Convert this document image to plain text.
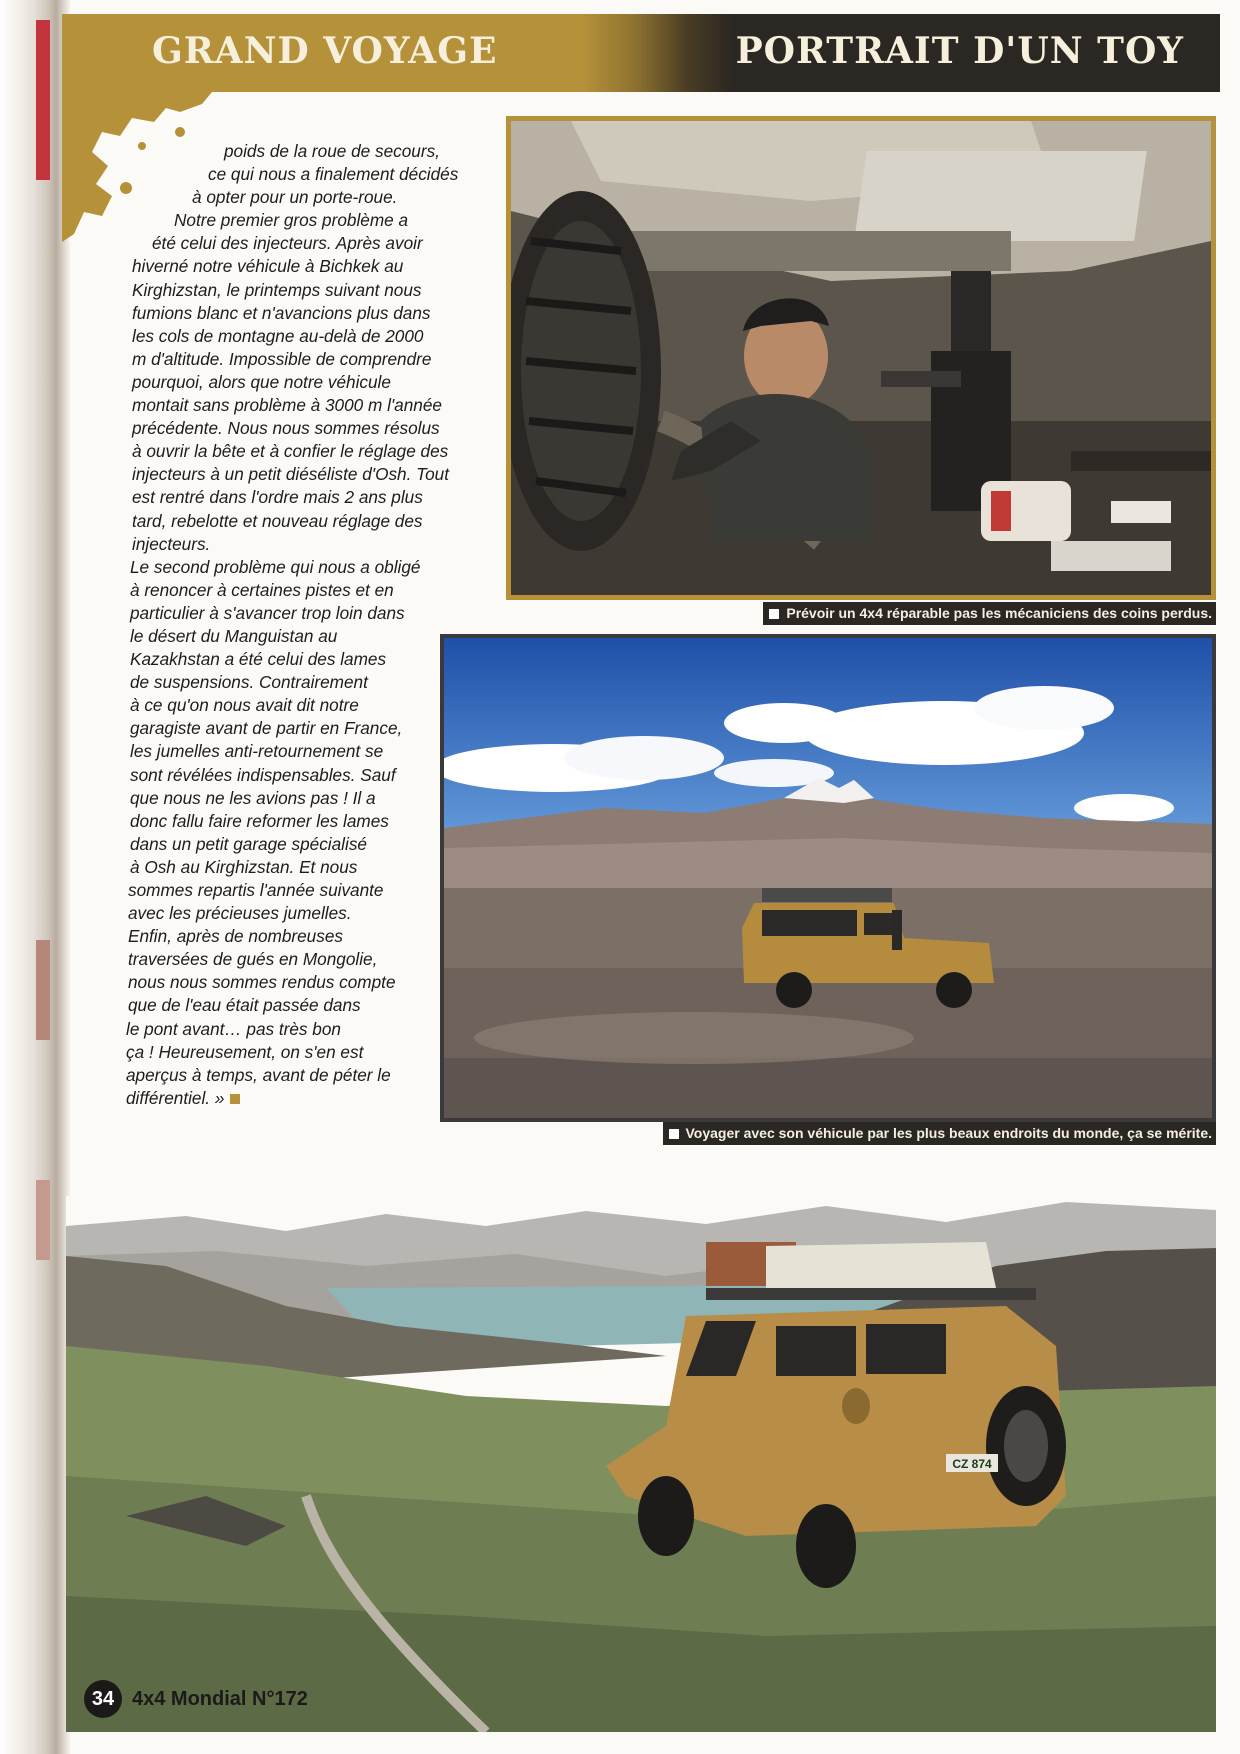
GRAND VOYAGE	PORTRAIT D'UN TOY

poids de la roue de secours,

ce qui nous a finalement décidés

à opter pour un porte-roue.

Notre premier gros problème a

été celui des injecteurs. Après avoir

hiverné notre véhicule à Bichkek au

Kirghizstan, le printemps suivant nous

fumions blanc et n'avancions plus dans

les cols de montagne au-delà de 2000

m d'altitude. Impossible de comprendre

pourquoi, alors que notre véhicule

montait sans problème à 3000 m l'année

précédente. Nous nous sommes résolus

à ouvrir la bête et à confier le réglage des

injecteurs à un petit diéséliste d'Osh. Tout

est rentré dans l'ordre mais 2 ans plus

tard, rebelotte et nouveau réglage des

injecteurs.

Le second problème qui nous a obligé

à renoncer à certaines pistes et en

particulier à s'avancer trop loin dans

le désert du Manguistan au

Kazakhstan a été celui des lames

de suspensions. Contrairement

à ce qu'on nous avait dit notre

garagiste avant de partir en France,

les jumelles anti-retournement se

sont révélées indispensables. Sauf

que nous ne les avions pas ! Il a

donc fallu faire reformer les lames

dans un petit garage spécialisé

à Osh au Kirghizstan. Et nous

sommes repartis l'année suivante

avec les précieuses jumelles.

Enfin, après de nombreuses

traversées de gués en Mongolie,

nous nous sommes rendus compte

que de l'eau était passée dans

le pont avant… pas très bon

ça ! Heureusement, on s'en est

aperçus à temps, avant de péter le

différentiel. »

Prévoir un 4x4 réparable pas les mécaniciens des coins perdus.
Voyager avec son véhicule par les plus beaux endroits du monde, ça se mérite.
CZ 874
34 4x4 Mondial N°172
